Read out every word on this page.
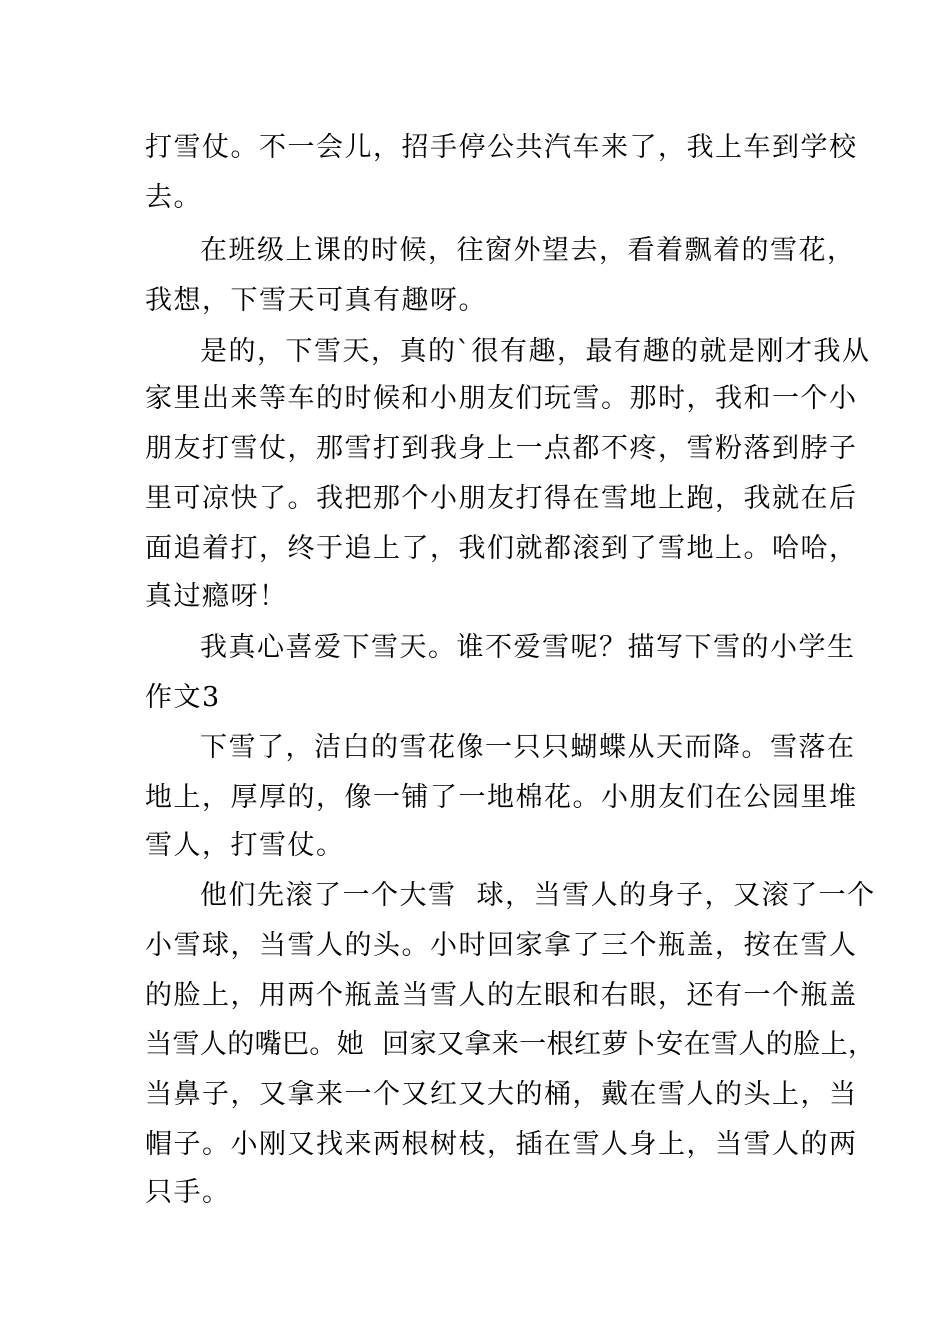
打雪仗。不一会儿，招手停公共汽车来了，我上车到学校
去。
在班级上课的时候，往窗外望去，看着飘着的雪花，
我想，下雪天可真有趣呀。
是的，下雪天，真的`很有趣，最有趣的就是刚才我从
家里出来等车的时候和小朋友们玩雪。那时，我和一个小
朋友打雪仗，那雪打到我身上一点都不疼，雪粉落到脖子
里可凉快了。我把那个小朋友打得在雪地上跑，我就在后
面追着打，终于追上了，我们就都滚到了雪地上。哈哈，
真过瘾呀！
我真心喜爱下雪天。谁不爱雪呢？描写下雪的小学生
作文3
下雪了，洁白的雪花像一只只蝴蝶从天而降。雪落在
地上，厚厚的，像一铺了一地棉花。小朋友们在公园里堆
雪人，打雪仗。
他们先滚了一个大雪  球，当雪人的身子，又滚了一个
小雪球，当雪人的头。小时回家拿了三个瓶盖，按在雪人
的脸上，用两个瓶盖当雪人的左眼和右眼，还有一个瓶盖
当雪人的嘴巴。她  回家又拿来一根红萝卜安在雪人的脸上，
当鼻子，又拿来一个又红又大的桶，戴在雪人的头上，当
帽子。小刚又找来两根树枝，插在雪人身上，当雪人的两
只手。
